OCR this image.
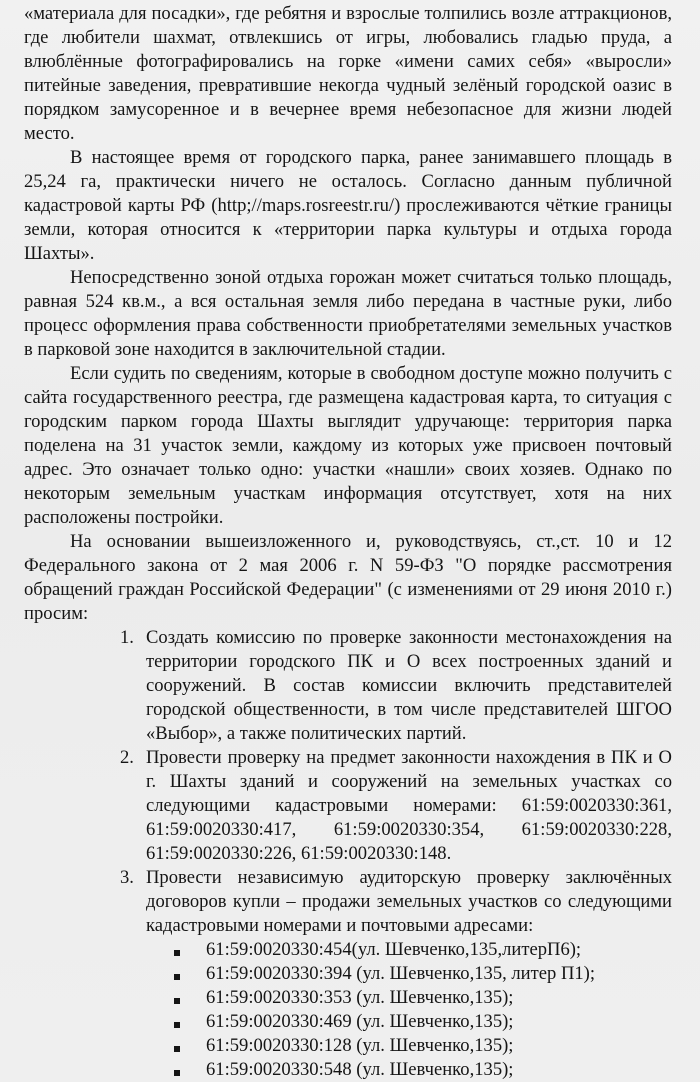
«материала для посадки», где ребятня и взрослые толпились возле аттракционов, где любители шахмат, отвлекшись от игры, любовались гладью пруда, а влюблённые фотографировались на горке «имени самих себя» «выросли» питейные заведения, превратившие некогда чудный зелёный городской оазис в порядком замусоренное и в вечернее время небезопасное для жизни людей место.

В настоящее время от городского парка, ранее занимавшего площадь в 25,24 га, практически ничего не осталось. Согласно данным публичной кадастровой карты РФ (http;//maps.rosreestr.ru/) прослеживаются чёткие границы земли, которая относится к «территории парка культуры и отдыха города Шахты».

Непосредственно зоной отдыха горожан может считаться только площадь, равная 524 кв.м., а вся остальная земля либо передана в частные руки, либо процесс оформления права собственности приобретателями земельных участков в парковой зоне находится в заключительной стадии.

Если судить по сведениям, которые в свободном доступе можно получить с сайта государственного реестра, где размещена кадастровая карта, то ситуация с городским парком города Шахты выглядит удручающе: территория парка поделена на 31 участок земли, каждому из которых уже присвоен почтовый адрес. Это означает только одно: участки «нашли» своих хозяев. Однако по некоторым земельным участкам информация отсутствует, хотя на них расположены постройки.

На основании вышеизложенного и, руководствуясь, ст.,ст. 10 и 12 Федерального закона от 2 мая 2006 г. N 59-ФЗ "О порядке рассмотрения обращений граждан Российской Федерации" (с изменениями от 29 июня 2010 г.) просим:

1. Создать комиссию по проверке законности местонахождения на территории городского ПК и О всех построенных зданий и сооружений. В состав комиссии включить представителей городской общественности, в том числе представителей ШГОО «Выбор», а также политических партий.
2. Провести проверку на предмет законности нахождения в ПК и О г. Шахты зданий и сооружений на земельных участках со следующими кадастровыми номерами: 61:59:0020330:361, 61:59:0020330:417, 61:59:0020330:354, 61:59:0020330:228, 61:59:0020330:226, 61:59:0020330:148.
3. Провести независимую аудиторскую проверку заключённых договоров купли – продажи земельных участков со следующими кадастровыми номерами и почтовыми адресами:
61:59:0020330:454(ул. Шевченко,135,литерП6);
61:59:0020330:394 (ул. Шевченко,135, литер П1);
61:59:0020330:353 (ул. Шевченко,135);
61:59:0020330:469 (ул. Шевченко,135);
61:59:0020330:128 (ул. Шевченко,135);
61:59:0020330:548 (ул. Шевченко,135);
